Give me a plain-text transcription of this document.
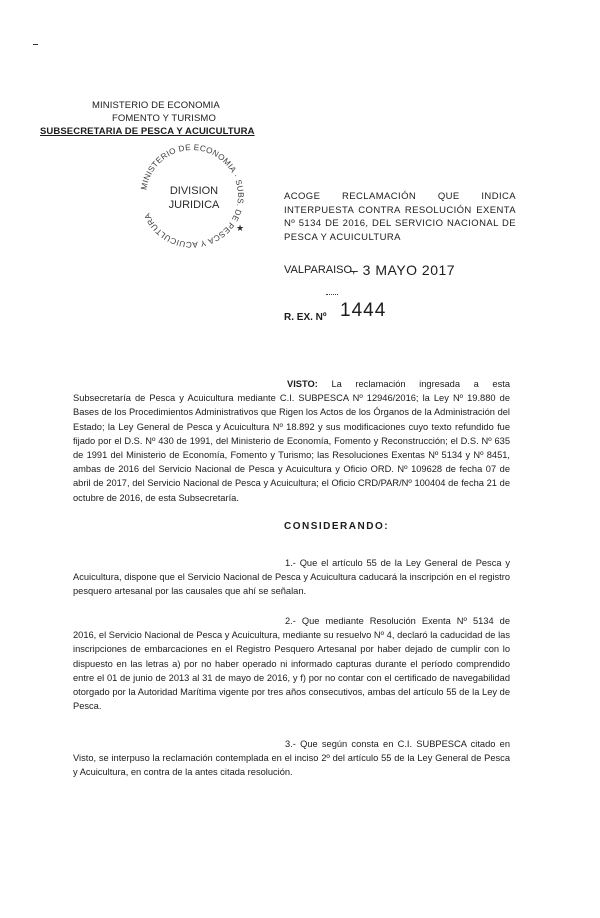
MINISTERIO DE ECONOMIA
FOMENTO Y TURISMO
SUBSECRETARIA DE PESCA Y ACUICULTURA
MINISTERIO DE ECONOMIA · SUBS. DE PESCA Y ACUICULTURA
DIVISION
JURIDICA
★
ACOGE RECLAMACIÓN QUE INDICA INTERPUESTA CONTRA RESOLUCIÓN EXENTA Nº 5134 DE 2016, DEL SERVICIO NACIONAL DE PESCA Y ACUICULTURA
VALPARAISO,
– 3 MAYO 2017
R. EX. Nº 1444
VISTO: La reclamación ingresada a esta Subsecretaría de Pesca y Acuicultura mediante C.I. SUBPESCA Nº 12946/2016; la Ley Nº 19.880 de Bases de los Procedimientos Administrativos que Rigen los Actos de los Órganos de la Administración del Estado; la Ley General de Pesca y Acuicultura Nº 18.892 y sus modificaciones cuyo texto refundido fue fijado por el D.S. Nº 430 de 1991, del Ministerio de Economía, Fomento y Reconstrucción; el D.S. Nº 635 de 1991 del Ministerio de Economía, Fomento y Turismo; las Resoluciones Exentas Nº 5134 y Nº 8451, ambas de 2016 del Servicio Nacional de Pesca y Acuicultura y Oficio ORD. Nº 109628 de fecha 07 de abril de 2017, del Servicio Nacional de Pesca y Acuicultura; el Oficio CRD/PAR/Nº 100404 de fecha 21 de octubre de 2016, de esta Subsecretaría.
CONSIDERANDO:
1.- Que el artículo 55 de la Ley General de Pesca y Acuicultura, dispone que el Servicio Nacional de Pesca y Acuicultura caducará la inscripción en el registro pesquero artesanal por las causales que ahí se señalan.
2.- Que mediante Resolución Exenta Nº 5134 de 2016, el Servicio Nacional de Pesca y Acuicultura, mediante su resuelvo Nº 4, declaró la caducidad de las inscripciones de embarcaciones en el Registro Pesquero Artesanal por haber dejado de cumplir con lo dispuesto en las letras a) por no haber operado ni informado capturas durante el período comprendido entre el 01 de junio de 2013 al 31 de mayo de 2016, y f) por no contar con el certificado de navegabilidad otorgado por la Autoridad Marítima vigente por tres años consecutivos, ambas del artículo 55 de la Ley de Pesca.
3.- Que según consta en C.I. SUBPESCA citado en Visto, se interpuso la reclamación contemplada en el inciso 2º del artículo 55 de la Ley General de Pesca y Acuicultura, en contra de la antes citada resolución.
